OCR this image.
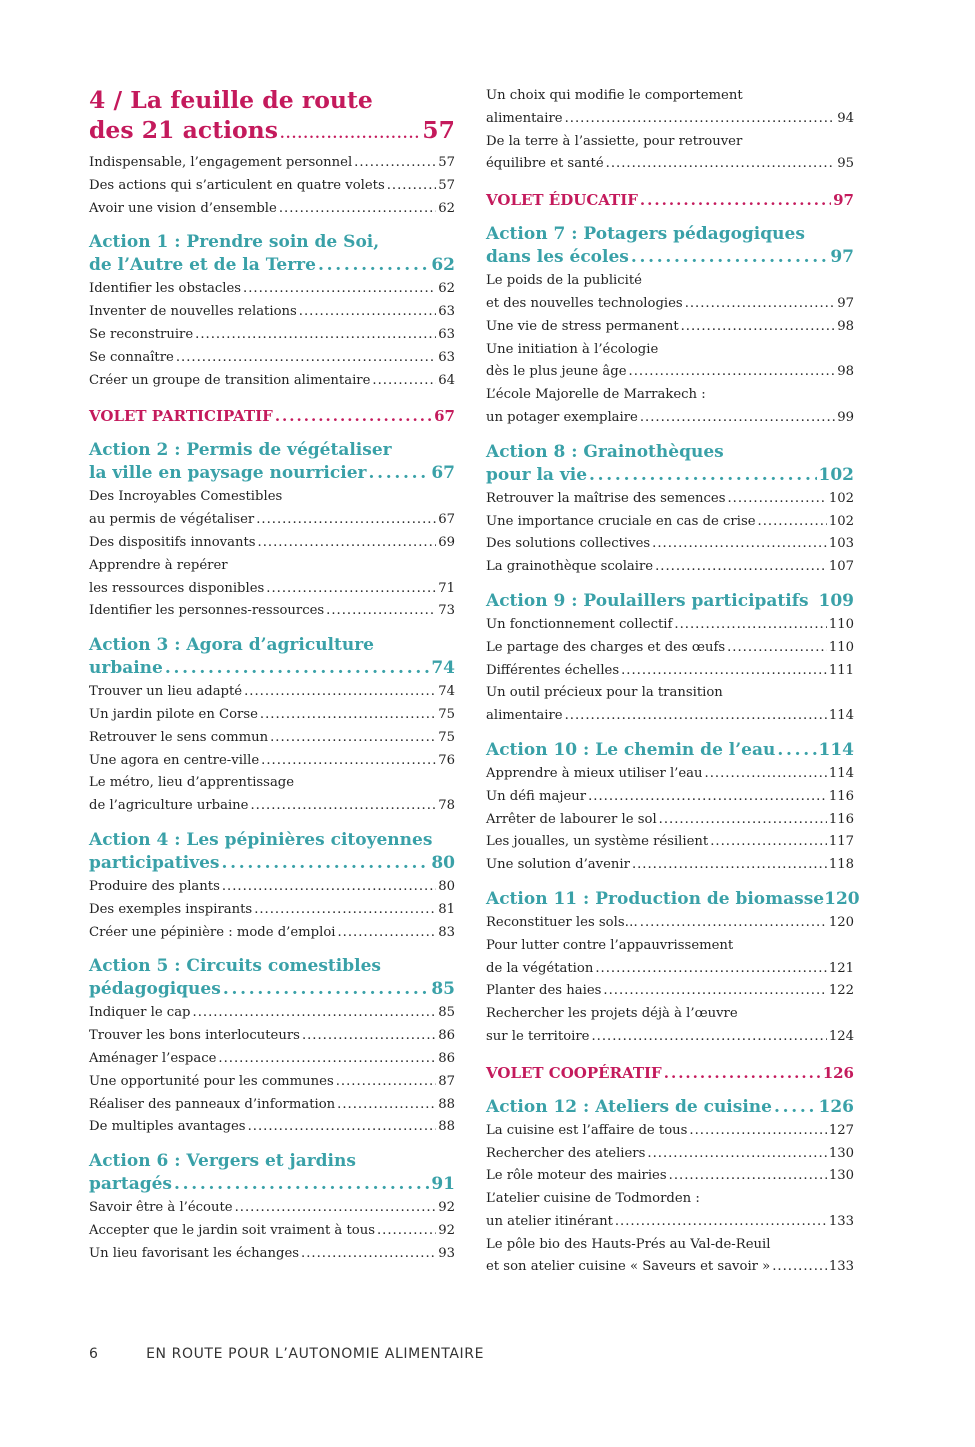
4 / La feuille de route
des 21 actions . . .	57
Indispensable, l’engagement personnel . . .	57
Des actions qui s’articulent en quatre volets . . .	57
Avoir une vision d’ensemble . . .	62
Action 1 : Prendre soin de Soi,
de l’Autre et de la Terre . . .	62
Identifier les obstacles . . .	62
Inventer de nouvelles relations . . .	63
Se reconstruire . . .	63
Se connaître . . .	63
Créer un groupe de transition alimentaire . . .	64
VOLET PARTICIPATIF . . .	67
Action 2 : Permis de végétaliser
la ville en paysage nourricier . . .	67
Des Incroyables Comestibles
au permis de végétaliser . . .	67
Des dispositifs innovants . . .	69
Apprendre à repérer
les ressources disponibles . . .	71
Identifier les personnes-ressources . . .	73
Action 3 : Agora d’agriculture
urbaine . . .	74
Trouver un lieu adapté . . .	74
Un jardin pilote en Corse . . .	75
Retrouver le sens commun . . .	75
Une agora en centre-ville . . .	76
Le métro, lieu d’apprentissage
de l’agriculture urbaine . . .	78
Action 4 : Les pépinières citoyennes
participatives . . .	80
Produire des plants . . .	80
Des exemples inspirants . . .	81
Créer une pépinière : mode d’emploi . . .	83
Action 5 : Circuits comestibles
pédagogiques . . .	85
Indiquer le cap . . .	85
Trouver les bons interlocuteurs . . .	86
Aménager l’espace . . .	86
Une opportunité pour les communes . . .	87
Réaliser des panneaux d’information . . .	88
De multiples avantages . . .	88
Action 6 : Vergers et jardins
partagés . . .	91
Savoir être à l’écoute . . .	92
Accepter que le jardin soit vraiment à tous . . .	92
Un lieu favorisant les échanges . . .	93
Un choix qui modifie le comportement
alimentaire . . .	94
De la terre à l’assiette, pour retrouver
équilibre et santé . . .	95
VOLET ÉDUCATIF . . .	97
Action 7 : Potagers pédagogiques
dans les écoles . . .	97
Le poids de la publicité
et des nouvelles technologies . . .	97
Une vie de stress permanent . . .	98
Une initiation à l’écologie
dès le plus jeune âge . . .	98
L’école Majorelle de Marrakech :
un potager exemplaire . . .	99
Action 8 : Grainothèques
pour la vie . . .	102
Retrouver la maîtrise des semences . . .	102
Une importance cruciale en cas de crise . . .	102
Des solutions collectives . . .	103
La grainothèque scolaire . . .	107
Action 9 : Poulaillers participatifs 109
Un fonctionnement collectif . . .	110
Le partage des charges et des œufs . . .	110
Différentes échelles . . .	111
Un outil précieux pour la transition
alimentaire . . .	114
Action 10 : Le chemin de l’eau . . .	114
Apprendre à mieux utiliser l’eau . . .	114
Un défi majeur . . .	116
Arrêter de labourer le sol . . .	116
Les joualles, un système résilient . . .	117
Une solution d’avenir . . .	118
Action 11 : Production de biomasse 120
Reconstituer les sols… . . .	120
Pour lutter contre l’appauvrissement
de la végétation . . .	121
Planter des haies . . .	122
Rechercher les projets déjà à l’œuvre
sur le territoire . . .	124
VOLET COOPÉRATIF . . .	126
Action 12 : Ateliers de cuisine . . .	126
La cuisine est l’affaire de tous . . .	127
Rechercher des ateliers . . .	130
Le rôle moteur des mairies . . .	130
L’atelier cuisine de Todmorden :
un atelier itinérant . . .	133
Le pôle bio des Hauts-Prés au Val-de-Reuil
et son atelier cuisine « Saveurs et savoir » . . .	133
6	EN ROUTE POUR L’AUTONOMIE ALIMENTAIRE
